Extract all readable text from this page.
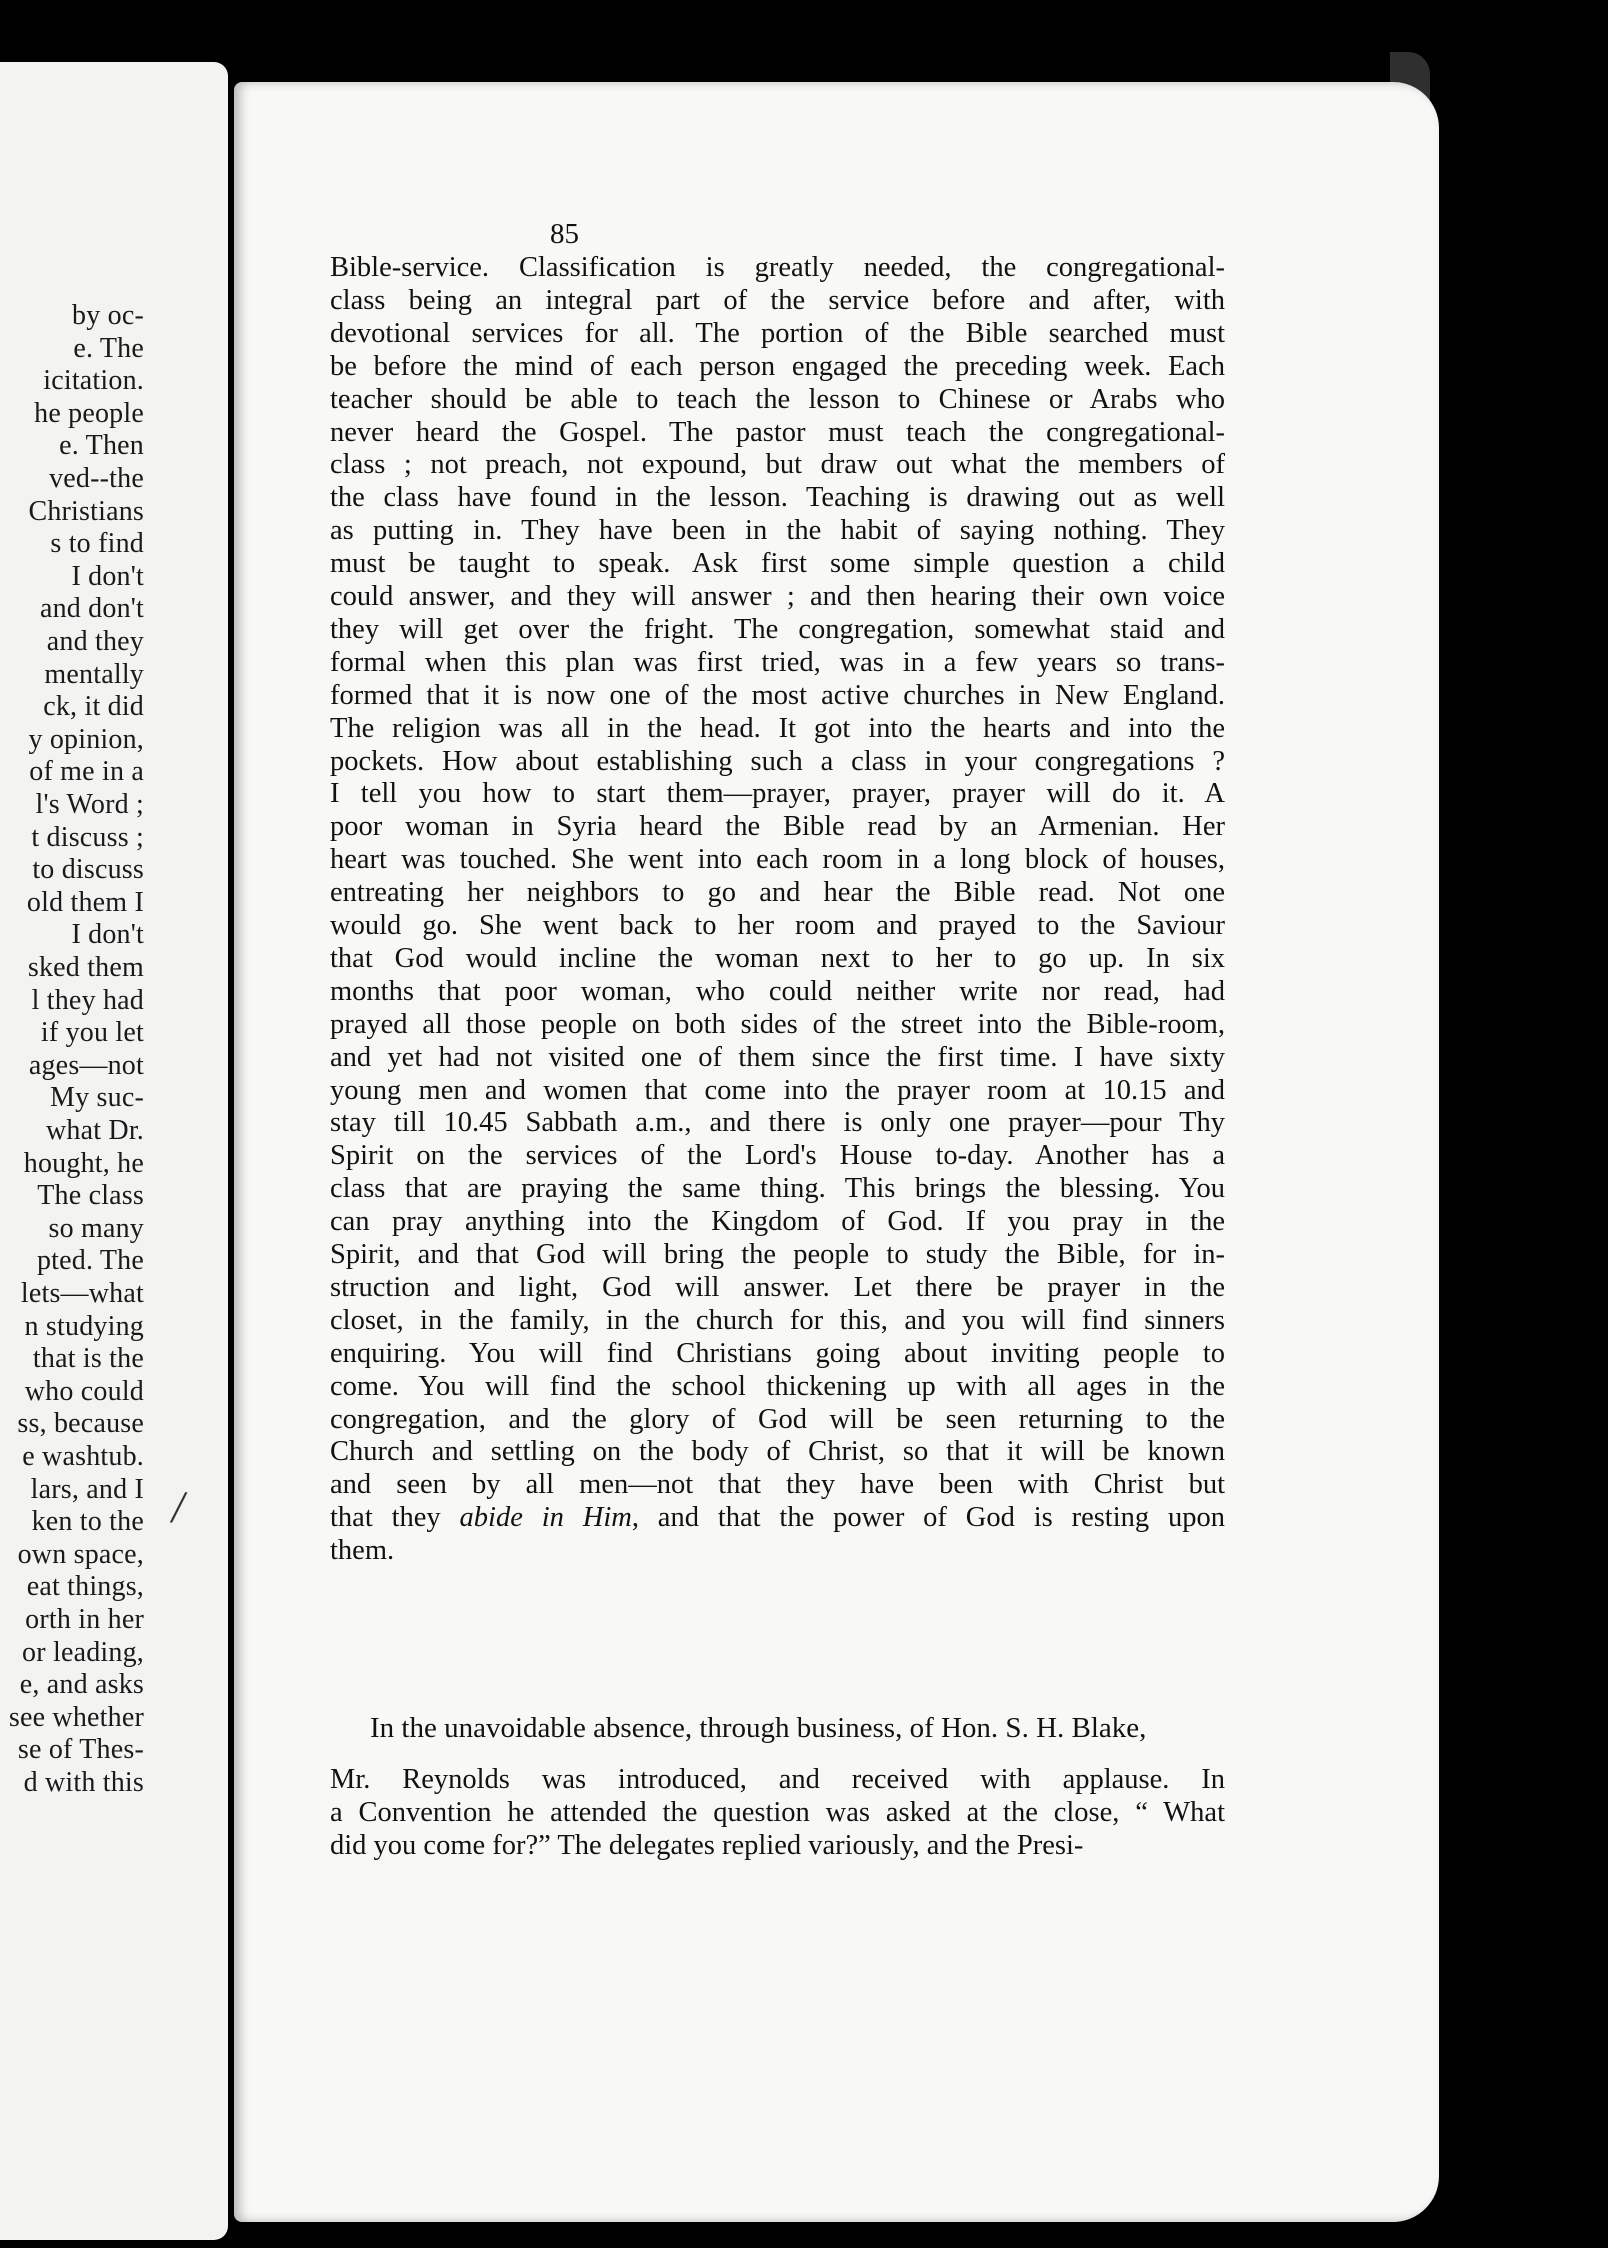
by oc-
e. The
icitation.
he people
e. Then
ved--the
Christians
s to find
I don't
and don't
and they
mentally
ck, it did
y opinion,
of me in a
l's Word ;
t discuss ;
to discuss
old them I
I don't
sked them
l they had
if you let
ages—not
My suc-
what Dr.
hought, he
The class
so many
pted. The
lets—what
n studying
that is the
who could
ss, because
e washtub.
lars, and I
ken to the
own space,
eat things,
orth in her
or leading,
e, and asks
see whether
se of Thes-
d with this
85
Bible-service. Classification is greatly needed, the congregational-
class being an integral part of the service before and after, with
devotional services for all. The portion of the Bible searched must
be before the mind of each person engaged the preceding week. Each
teacher should be able to teach the lesson to Chinese or Arabs who
never heard the Gospel. The pastor must teach the congregational-
class ; not preach, not expound, but draw out what the members of
the class have found in the lesson. Teaching is drawing out as well
as putting in. They have been in the habit of saying nothing. They
must be taught to speak. Ask first some simple question a child
could answer, and they will answer ; and then hearing their own voice
they will get over the fright. The congregation, somewhat staid and
formal when this plan was first tried, was in a few years so trans-
formed that it is now one of the most active churches in New England.
The religion was all in the head. It got into the hearts and into the
pockets. How about establishing such a class in your congregations ?
I tell you how to start them—prayer, prayer, prayer will do it. A
poor woman in Syria heard the Bible read by an Armenian. Her
heart was touched. She went into each room in a long block of houses,
entreating her neighbors to go and hear the Bible read. Not one
would go. She went back to her room and prayed to the Saviour
that God would incline the woman next to her to go up. In six
months that poor woman, who could neither write nor read, had
prayed all those people on both sides of the street into the Bible-room,
and yet had not visited one of them since the first time. I have sixty
young men and women that come into the prayer room at 10.15 and
stay till 10.45 Sabbath a.m., and there is only one prayer—pour Thy
Spirit on the services of the Lord's House to-day. Another has a
class that are praying the same thing. This brings the blessing. You
can pray anything into the Kingdom of God. If you pray in the
Spirit, and that God will bring the people to study the Bible, for in-
struction and light, God will answer. Let there be prayer in the
closet, in the family, in the church for this, and you will find sinners
enquiring. You will find Christians going about inviting people to
come. You will find the school thickening up with all ages in the
congregation, and the glory of God will be seen returning to the
Church and settling on the body of Christ, so that it will be known
and seen by all men—not that they have been with Christ but
that they abide in Him, and that the power of God is resting upon
them.
In the unavoidable absence, through business, of Hon. S. H. Blake,
Mr. Reynolds was introduced, and received with applause. In
a Convention he attended the question was asked at the close, “ What
did you come for?” The delegates replied variously, and the Presi-
/
